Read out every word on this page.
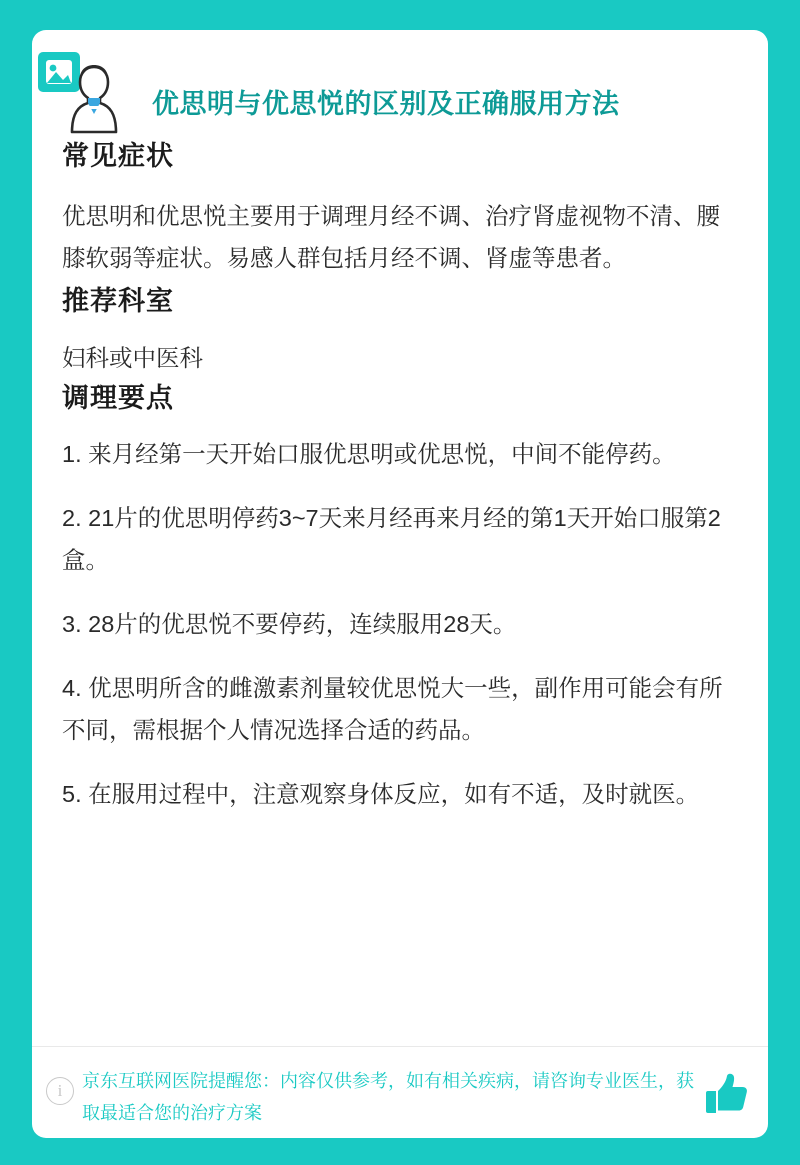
优思明与优思悦的区别及正确服用方法
常见症状

优思明和优思悦主要用于调理月经不调、治疗肾虚视物不清、腰膝软弱等症状。易感人群包括月经不调、肾虚等患者。

推荐科室

妇科或中医科

调理要点
1. 来月经第一天开始口服优思明或优思悦，中间不能停药。
2. 21片的优思明停药3~7天来月经再来月经的第1天开始口服第2盒。
3. 28片的优思悦不要停药，连续服用28天。
4. 优思明所含的雌激素剂量较优思悦大一些，副作用可能会有所不同，需根据个人情况选择合适的药品。
5. 在服用过程中，注意观察身体反应，如有不适，及时就医。
i	京东互联网医院提醒您：内容仅供参考，如有相关疾病，请咨询专业医生，获取最适合您的治疗方案
